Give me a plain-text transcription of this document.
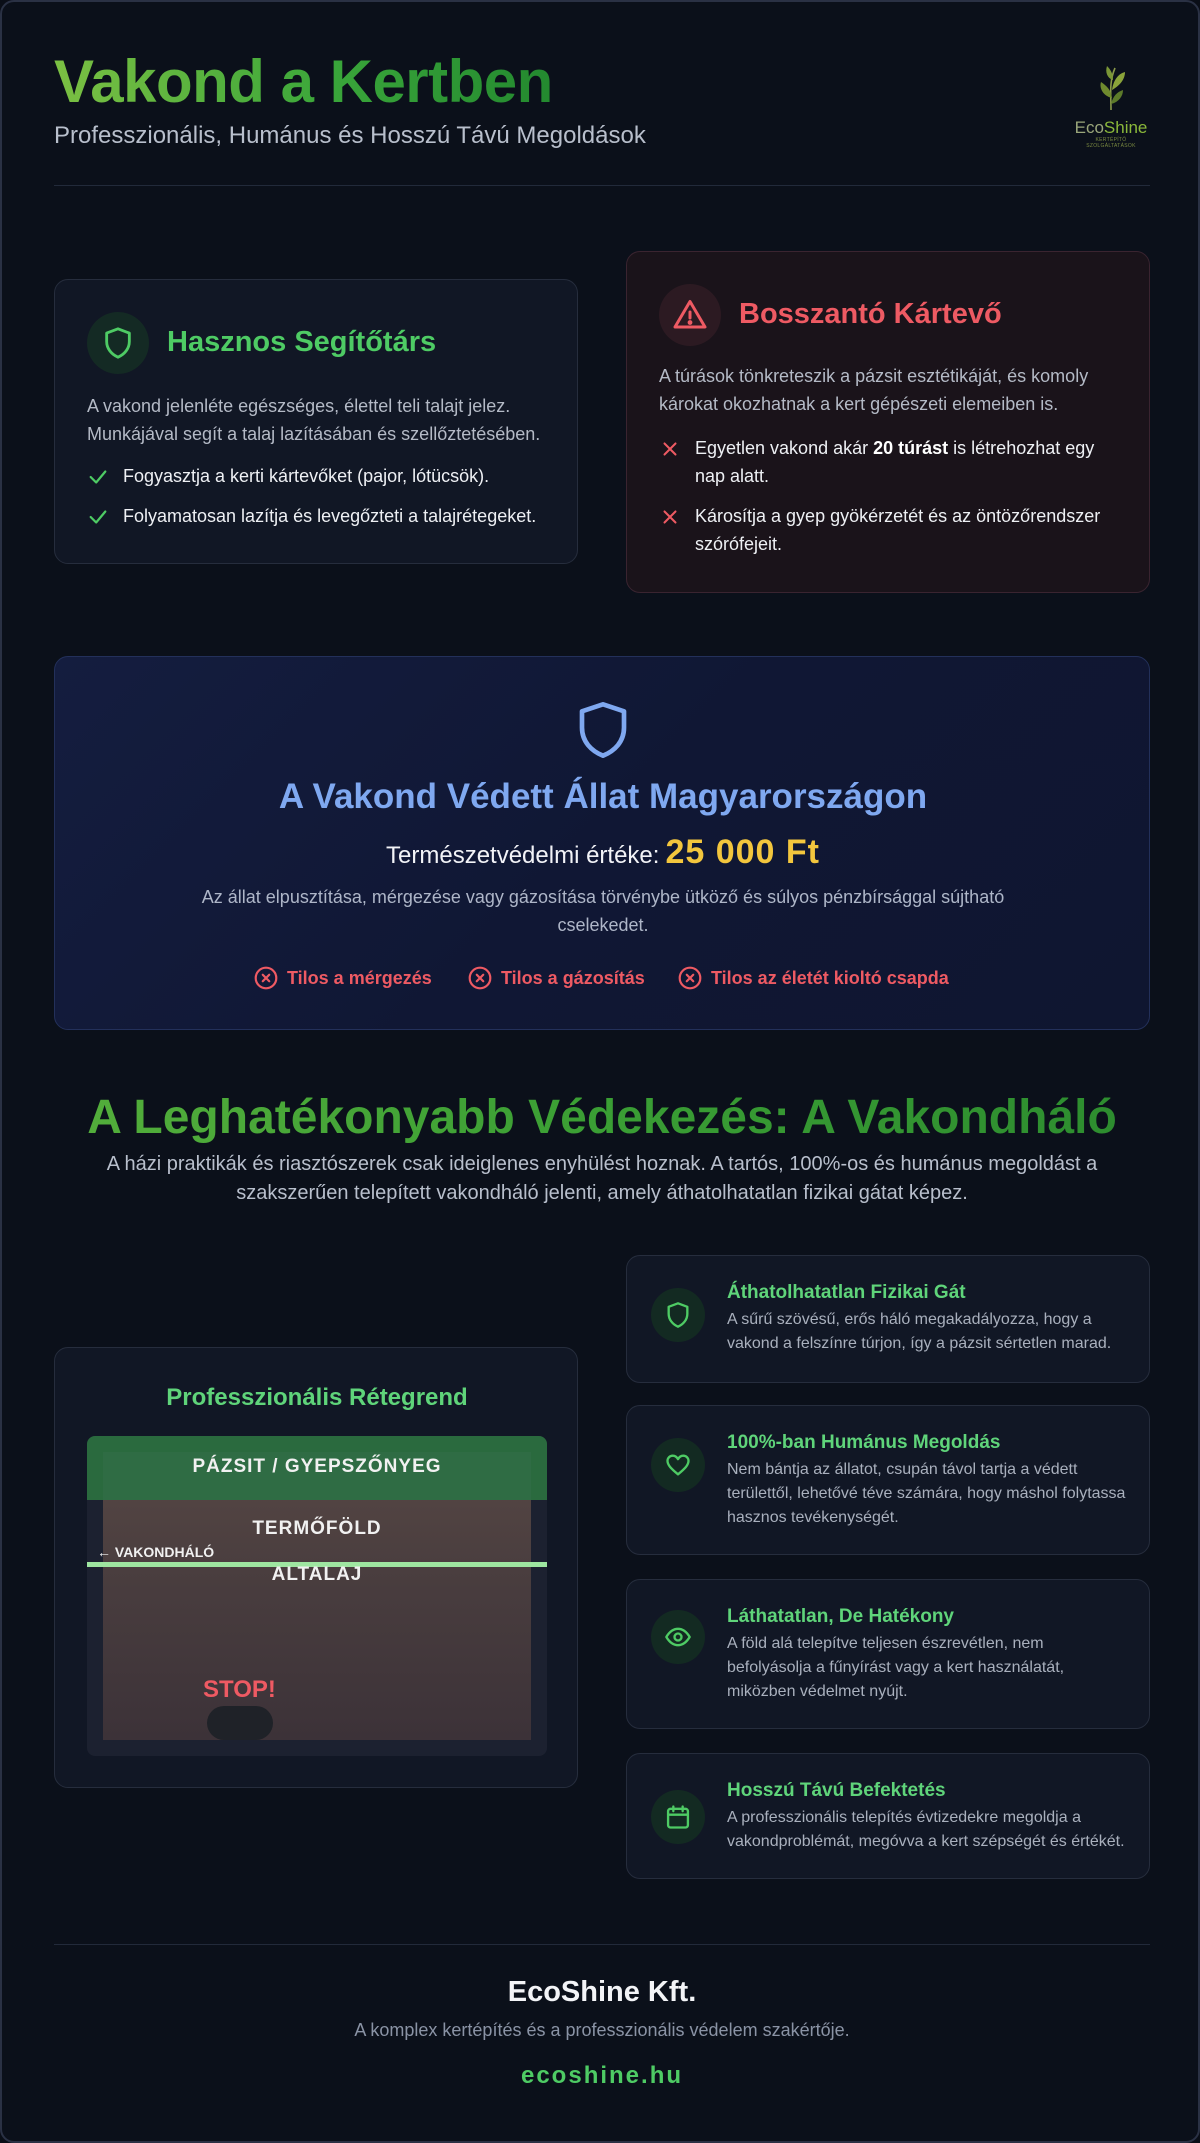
Vakond a Kertben
Professzionális, Humánus és Hosszú Távú Megoldások	EcoShine
KERTÉPÍTŐ SZOLGÁLTATÁSOK
Hasznos Segítőtárs

A vakond jelenléte egészséges, élettel teli talajt jelez. Munkájával segít a talaj lazításában és szellőztetésében.

Fogyasztja a kerti kártevőket (pajor, lótücsök).
Folyamatosan lazítja és levegőzteti a talajrétegeket.
Bosszantó Kártevő

A túrások tönkreteszik a pázsit esztétikáját, és komoly károkat okozhatnak a kert gépészeti elemeiben is.

Egyetlen vakond akár 20 túrást is létrehozhat egy nap alatt.
Károsítja a gyep gyökérzetét és az öntözőrendszer szórófejeit.
A Vakond Védett Állat Magyarországon
Természetvédelmi értéke: 25 000 Ft
Az állat elpusztítása, mérgezése vagy gázosítása törvénybe ütköző és súlyos pénzbírsággal sújtható cselekedet.
Tilos a mérgezés	Tilos a gázosítás	Tilos az életét kioltó csapda
A Leghatékonyabb Védekezés: A Vakondháló
A házi praktikák és riasztószerek csak ideiglenes enyhülést hoznak. A tartós, 100%-os és humánus megoldást a szakszerűen telepített vakondháló jelenti, amely áthatolhatatlan fizikai gátat képez.
Professzionális Rétegrend
PÁZSIT / GYEPSZŐNYEG
TERMŐFÖLD
← VAKONDHÁLÓ
ALTALAJ
STOP!
Áthatolhatatlan Fizikai Gát
A sűrű szövésű, erős háló megakadályozza, hogy a vakond a felszínre túrjon, így a pázsit sértetlen marad.
100%-ban Humánus Megoldás
Nem bántja az állatot, csupán távol tartja a védett területtől, lehetővé téve számára, hogy máshol folytassa hasznos tevékenységét.
Láthatatlan, De Hatékony
A föld alá telepítve teljesen észrevétlen, nem befolyásolja a fűnyírást vagy a kert használatát, miközben védelmet nyújt.
Hosszú Távú Befektetés
A professzionális telepítés évtizedekre megoldja a vakondproblémát, megóvva a kert szépségét és értékét.
EcoShine Kft.
A komplex kertépítés és a professzionális védelem szakértője.
ecoshine.hu
